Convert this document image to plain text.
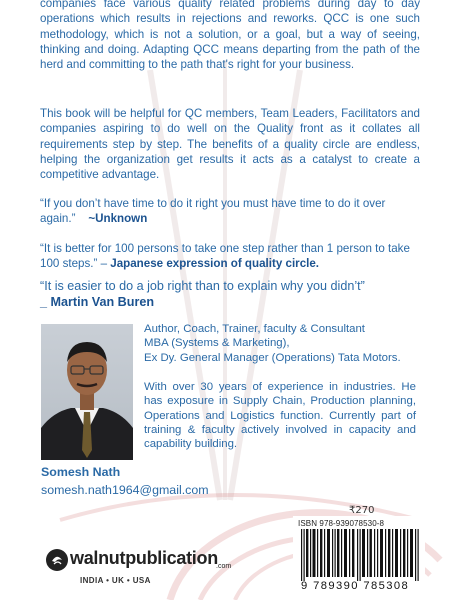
companies face various quality related problems during day to day operations which results in rejections and reworks. QCC is one such methodology, which is not a solution, or a goal, but a way of seeing, thinking and doing. Adapting QCC means departing from the path of the herd and committing to the path that's right for your business.
This book will be helpful for QC members, Team Leaders, Facilitators and companies aspiring to do well on the Quality front as it collates all requirements step by step. The benefits of a quality circle are endless, helping the organization get results it acts as a catalyst to create a competitive advantage.
“If you don’t have time to do it right you must have time to do it over again.” ~Unknown
“It is better for 100 persons to take one step rather than 1 person to take 100 steps.” – Japanese expression of quality circle.
“It is easier to do a job right than to explain why you didn’t”
_ Martin Van Buren
Author, Coach, Trainer, faculty & Consultant
MBA (Systems & Marketing),
Ex Dy. General Manager (Operations) Tata Motors.
With over 30 years of experience in industries. He has exposure in Supply Chain, Production planning, Operations and Logistics function. Currently part of training & faculty actively involved in capacity and capability building.
Somesh Nath
somesh.nath1964@gmail.com
₹270
ISBN 978-939078530-8
9 789390 785308
walnutpublication
.com
INDIA • UK • USA
